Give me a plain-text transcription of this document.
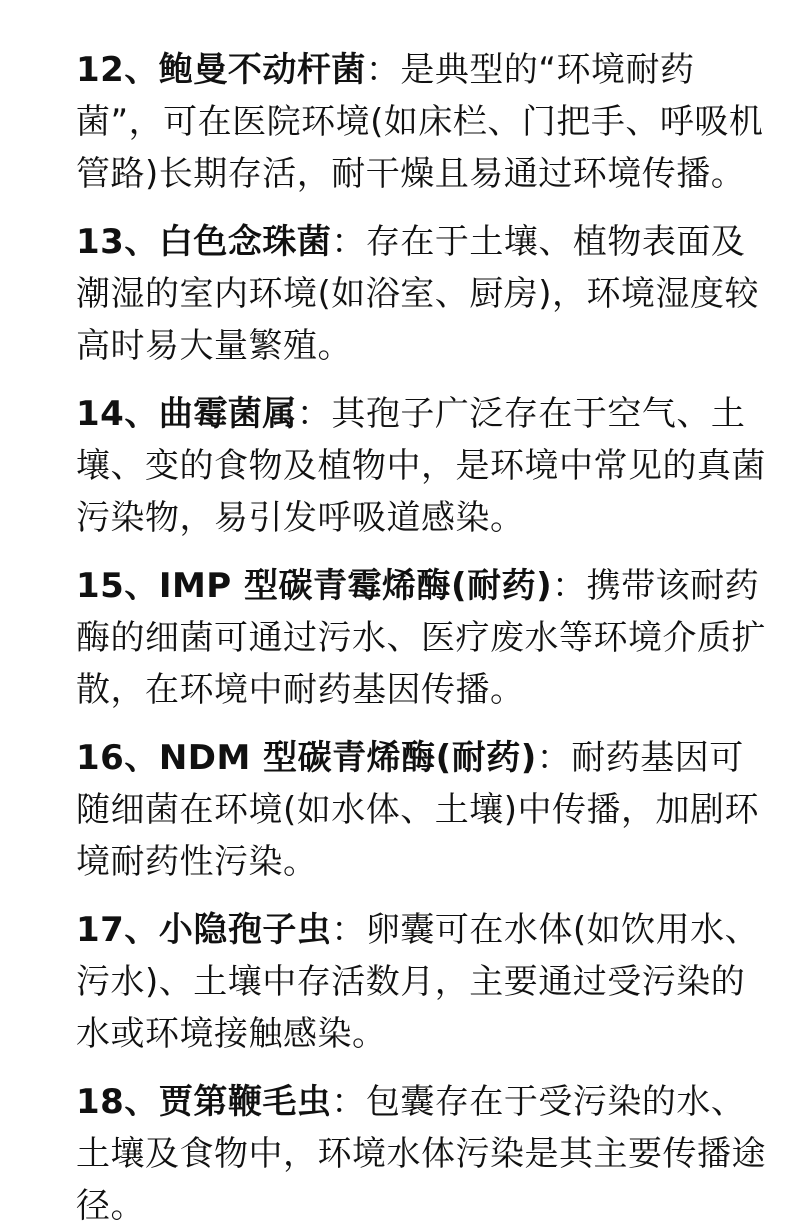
12、鲍曼不动杆菌：是典型的“环境耐药菌”，可在医院环境(如床栏、门把手、呼吸机管路)长期存活，耐干燥且易通过环境传播。

13、白色念珠菌：存在于土壤、植物表面及潮湿的室内环境(如浴室、厨房)，环境湿度较高时易大量繁殖。

14、曲霉菌属：其孢子广泛存在于空气、土壤、变的食物及植物中，是环境中常见的真菌污染物，易引发呼吸道感染。

15、IMP 型碳青霉烯酶(耐药)：携带该耐药酶的细菌可通过污水、医疗废水等环境介质扩散，在环境中耐药基因传播。

16、NDM 型碳青烯酶(耐药)：耐药基因可随细菌在环境(如水体、土壤)中传播，加剧环境耐药性污染。

17、小隐孢子虫：卵囊可在水体(如饮用水、污水)、土壤中存活数月，主要通过受污染的水或环境接触感染。

18、贾第鞭毛虫：包囊存在于受污染的水、土壤及食物中，环境水体污染是其主要传播途径。
